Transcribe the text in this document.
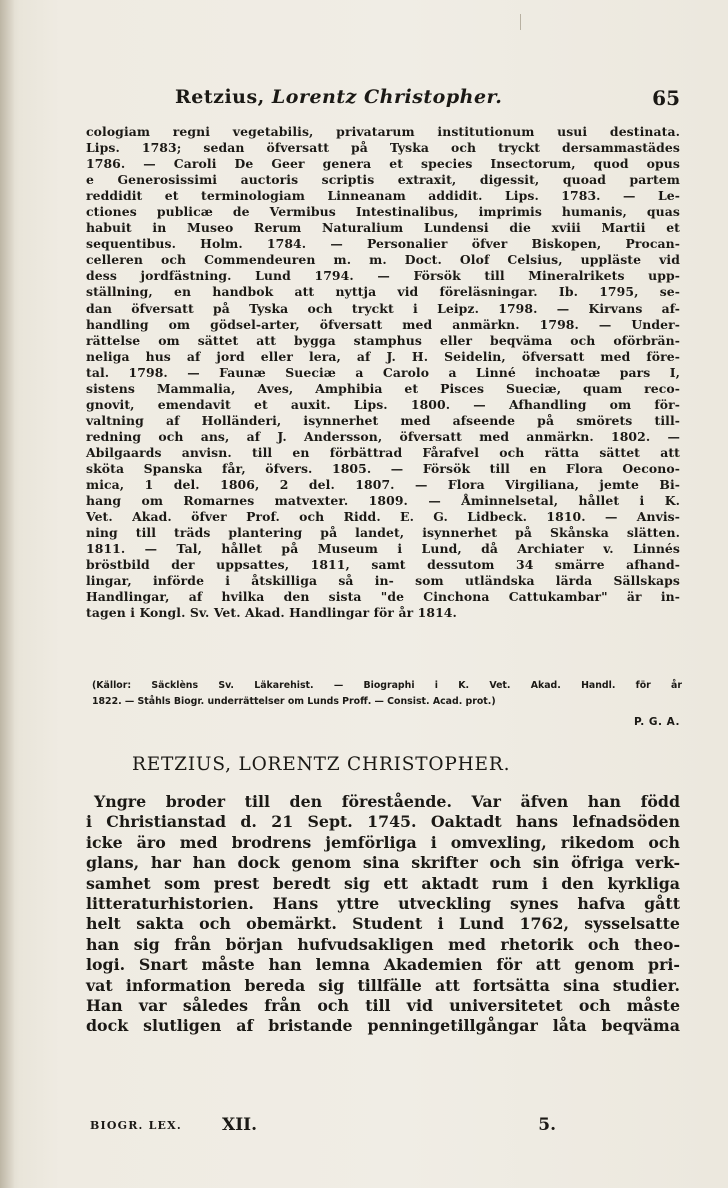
Retzius, Lorentz Christopher.	65
cologiam regni vegetabilis, privatarum institutionum usui destinata.
Lips. 1783; sedan öfversatt på Tyska och tryckt dersammastädes
1786. — Caroli De Geer genera et species Insectorum, quod opus
e Generosissimi auctoris scriptis extraxit, digessit, quoad partem
reddidit et terminologiam Linneanam addidit. Lips. 1783. — Le-
ctiones publicæ de Vermibus Intestinalibus, imprimis humanis, quas
habuit in Museo Rerum Naturalium Lundensi die xviii Martii et
sequentibus. Holm. 1784. — Personalier öfver Biskopen, Procan-
celleren och Commendeuren m. m. Doct. Olof Celsius, uppläste vid
dess jordfästning. Lund 1794. — Försök till Mineralrikets upp-
ställning, en handbok att nyttja vid föreläsningar. Ib. 1795, se-
dan öfversatt på Tyska och tryckt i Leipz. 1798. — Kirvans af-
handling om gödsel-arter, öfversatt med anmärkn. 1798. — Under-
rättelse om sättet att bygga stamphus eller beqväma och oförbrän-
neliga hus af jord eller lera, af J. H. Seidelin, öfversatt med före-
tal. 1798. — Faunæ Sueciæ a Carolo a Linné inchoatæ pars I,
sistens Mammalia, Aves, Amphibia et Pisces Sueciæ, quam reco-
gnovit, emendavit et auxit. Lips. 1800. — Afhandling om för-
valtning af Holländeri, isynnerhet med afseende på smörets till-
redning och ans, af J. Andersson, öfversatt med anmärkn. 1802. —
Abilgaards anvisn. till en förbättrad Fårafvel och rätta sättet att
sköta Spanska får, öfvers. 1805. — Försök till en Flora Oecono-
mica, 1 del. 1806, 2 del. 1807. — Flora Virgiliana, jemte Bi-
hang om Romarnes matvexter. 1809. — Åminnelsetal, hållet i K.
Vet. Akad. öfver Prof. och Ridd. E. G. Lidbeck. 1810. — Anvis-
ning till träds plantering på landet, isynnerhet på Skånska slätten.
1811. — Tal, hållet på Museum i Lund, då Archiater v. Linnés
bröstbild der uppsattes, 1811, samt dessutom 34 smärre afhand-
lingar, införde i åtskilliga så in- som utländska lärda Sällskaps
Handlingar, af hvilka den sista "de Cinchona Cattukambar" är in-
tagen i Kongl. Sv. Vet. Akad. Handlingar för år 1814.
(Källor: Säcklèns Sv. Läkarehist. — Biographi i K. Vet. Akad. Handl. för år
1822. — Ståhls Biogr. underrättelser om Lunds Proff. — Consist. Acad. prot.)
P. G. A.
RETZIUS, LORENTZ CHRISTOPHER.
Yngre broder till den förestående. Var äfven han född
i Christianstad d. 21 Sept. 1745. Oaktadt hans lefnadsöden
icke äro med brodrens jemförliga i omvexling, rikedom och
glans, har han dock genom sina skrifter och sin öfriga verk-
samhet som prest beredt sig ett aktadt rum i den kyrkliga
litteraturhistorien. Hans yttre utveckling synes hafva gått
helt sakta och obemärkt. Student i Lund 1762, sysselsatte
han sig från början hufvudsakligen med rhetorik och theo-
logi. Snart måste han lemna Akademien för att genom pri-
vat information bereda sig tillfälle att fortsätta sina studier.
Han var således från och till vid universitetet och måste
dock slutligen af bristande penningetillgångar låta beqväma
BIOGR. LEX. XII.	5.
